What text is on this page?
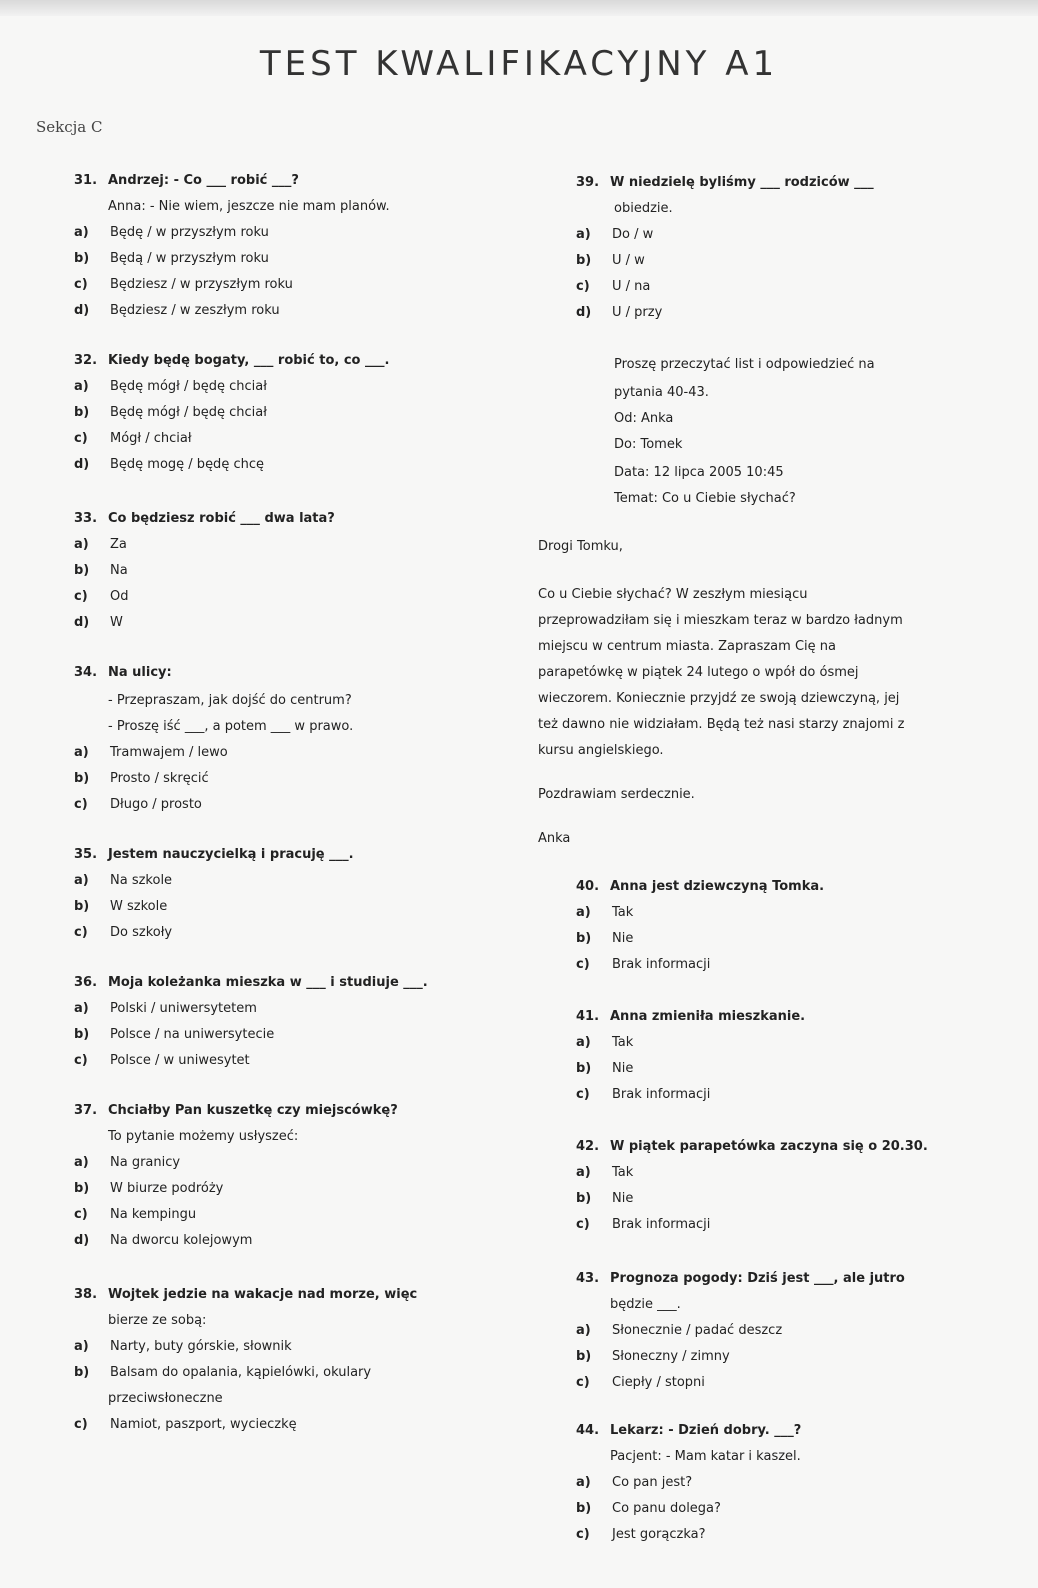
TEST KWALIFIKACYJNY A1
Sekcja C
31. Andrzej: - Co ___ robić ___?
Anna: - Nie wiem, jeszcze nie mam planów.
a) Będę / w przyszłym roku
b) Będą / w przyszłym roku
c) Będziesz / w przyszłym roku
d) Będziesz / w zeszłym roku
32. Kiedy będę bogaty, ___ robić to, co ___.
a) Będę mógł / będę chciał
b) Będę mógł / będę chciał
c) Mógł / chciał
d) Będę mogę / będę chcę
33. Co będziesz robić ___ dwa lata?
a) Za
b) Na
c) Od
d) W
34. Na ulicy:
- Przepraszam, jak dojść do centrum?
- Proszę iść ___, a potem ___ w prawo.
a) Tramwajem / lewo
b) Prosto / skręcić
c) Długo / prosto
35. Jestem nauczycielką i pracuję ___.
a) Na szkole
b) W szkole
c) Do szkoły
36. Moja koleżanka mieszka w ___ i studiuje ___.
a) Polski / uniwersytetem
b) Polsce / na uniwersytecie
c) Polsce / w uniwesytet
37. Chciałby Pan kuszetkę czy miejscówkę?
To pytanie możemy usłyszeć:
a) Na granicy
b) W biurze podróży
c) Na kempingu
d) Na dworcu kolejowym
38. Wojtek jedzie na wakacje nad morze, więc
bierze ze sobą:
a) Narty, buty górskie, słownik
b) Balsam do opalania, kąpielówki, okulary
przeciwsłoneczne
c) Namiot, paszport, wycieczkę
39. W niedzielę byliśmy ___ rodziców ___
obiedzie.
a) Do / w
b) U / w
c) U / na
d) U / przy
Proszę przeczytać list i odpowiedzieć na
pytania 40-43.
Od: Anka
Do: Tomek
Data: 12 lipca 2005 10:45
Temat: Co u Ciebie słychać?
Drogi Tomku,
Co u Ciebie słychać? W zeszłym miesiącu
przeprowadziłam się i mieszkam teraz w bardzo ładnym
miejscu w centrum miasta. Zapraszam Cię na
parapetówkę w piątek 24 lutego o wpół do ósmej
wieczorem. Koniecznie przyjdź ze swoją dziewczyną, jej
też dawno nie widziałam. Będą też nasi starzy znajomi z
kursu angielskiego.
Pozdrawiam serdecznie.
Anka
40. Anna jest dziewczyną Tomka.
a) Tak
b) Nie
c) Brak informacji
41. Anna zmieniła mieszkanie.
a) Tak
b) Nie
c) Brak informacji
42. W piątek parapetówka zaczyna się o 20.30.
a) Tak
b) Nie
c) Brak informacji
43. Prognoza pogody: Dziś jest ___, ale jutro
będzie ___.
a) Słonecznie / padać deszcz
b) Słoneczny / zimny
c) Ciepły / stopni
44. Lekarz: - Dzień dobry. ___?
Pacjent: - Mam katar i kaszel.
a) Co pan jest?
b) Co panu dolega?
c) Jest gorączka?
